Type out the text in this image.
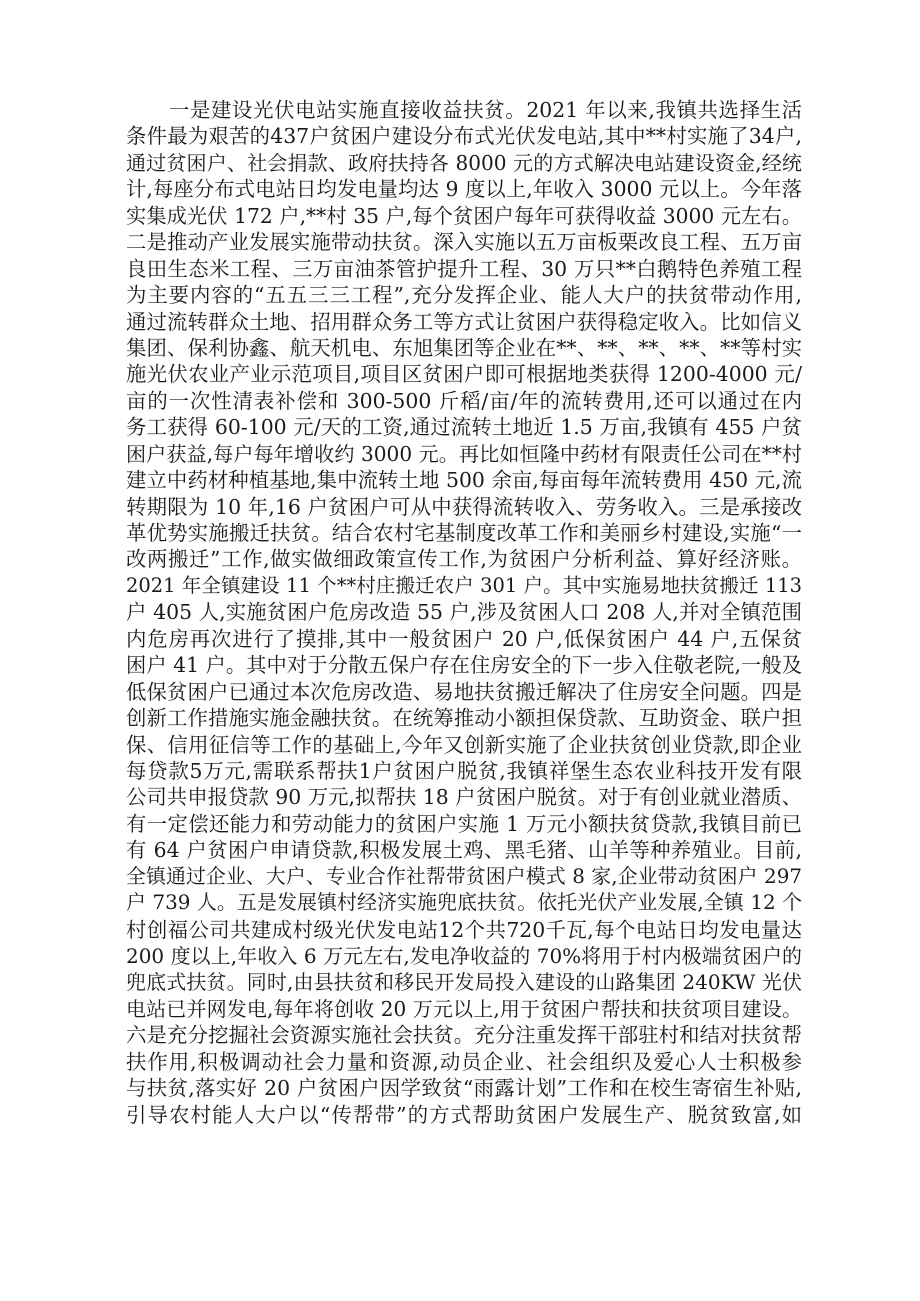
一是建设光伏电站实施直接收益扶贫。2021 年以来,我镇共选择生活
条件最为艰苦的437户贫困户建设分布式光伏发电站,其中**村实施了34户,
通过贫困户、社会捐款、政府扶持各 8000 元的方式解决电站建设资金,经统
计,每座分布式电站日均发电量均达 9 度以上,年收入 3000 元以上。今年落
实集成光伏 172 户,**村 35 户,每个贫困户每年可获得收益 3000 元左右。
二是推动产业发展实施带动扶贫。深入实施以五万亩板栗改良工程、五万亩
良田生态米工程、三万亩油茶管护提升工程、30 万只**白鹅特色养殖工程
为主要内容的“五五三三工程”,充分发挥企业、能人大户的扶贫带动作用,
通过流转群众土地、招用群众务工等方式让贫困户获得稳定收入。比如信义
集团、保利协鑫、航天机电、东旭集团等企业在**、**、**、**、**等村实
施光伏农业产业示范项目,项目区贫困户即可根据地类获得 1200-4000 元/
亩的一次性清表补偿和 300-500 斤稻/亩/年的流转费用,还可以通过在内
务工获得 60-100 元/天的工资,通过流转土地近 1.5 万亩,我镇有 455 户贫
困户获益,每户每年增收约 3000 元。再比如恒隆中药材有限责任公司在**村
建立中药材种植基地,集中流转土地 500 余亩,每亩每年流转费用 450 元,流
转期限为 10 年,16 户贫困户可从中获得流转收入、劳务收入。三是承接改
革优势实施搬迁扶贫。结合农村宅基制度改革工作和美丽乡村建设,实施“一
改两搬迁”工作,做实做细政策宣传工作,为贫困户分析利益、算好经济账。
2021 年全镇建设 11 个**村庄搬迁农户 301 户。其中实施易地扶贫搬迁 113
户 405 人,实施贫困户危房改造 55 户,涉及贫困人口 208 人,并对全镇范围
内危房再次进行了摸排,其中一般贫困户 20 户,低保贫困户 44 户,五保贫
困户 41 户。其中对于分散五保户存在住房安全的下一步入住敬老院,一般及
低保贫困户已通过本次危房改造、易地扶贫搬迁解决了住房安全问题。四是
创新工作措施实施金融扶贫。在统筹推动小额担保贷款、互助资金、联户担
保、信用征信等工作的基础上,今年又创新实施了企业扶贫创业贷款,即企业
每贷款5万元,需联系帮扶1户贫困户脱贫,我镇祥堡生态农业科技开发有限
公司共申报贷款 90 万元,拟帮扶 18 户贫困户脱贫。对于有创业就业潜质、
有一定偿还能力和劳动能力的贫困户实施 1 万元小额扶贫贷款,我镇目前已
有 64 户贫困户申请贷款,积极发展土鸡、黑毛猪、山羊等种养殖业。目前,
全镇通过企业、大户、专业合作社帮带贫困户模式 8 家,企业带动贫困户 297
户 739 人。五是发展镇村经济实施兜底扶贫。依托光伏产业发展,全镇 12 个
村创福公司共建成村级光伏发电站12个共720千瓦,每个电站日均发电量达
200 度以上,年收入 6 万元左右,发电净收益的 70%将用于村内极端贫困户的
兜底式扶贫。同时,由县扶贫和移民开发局投入建设的山路集团 240KW 光伏
电站已并网发电,每年将创收 20 万元以上,用于贫困户帮扶和扶贫项目建设。
六是充分挖掘社会资源实施社会扶贫。充分注重发挥干部驻村和结对扶贫帮
扶作用,积极调动社会力量和资源,动员企业、社会组织及爱心人士积极参
与扶贫,落实好 20 户贫困户因学致贫“雨露计划”工作和在校生寄宿生补贴,
引导农村能人大户以“传帮带”的方式帮助贫困户发展生产、脱贫致富,如
